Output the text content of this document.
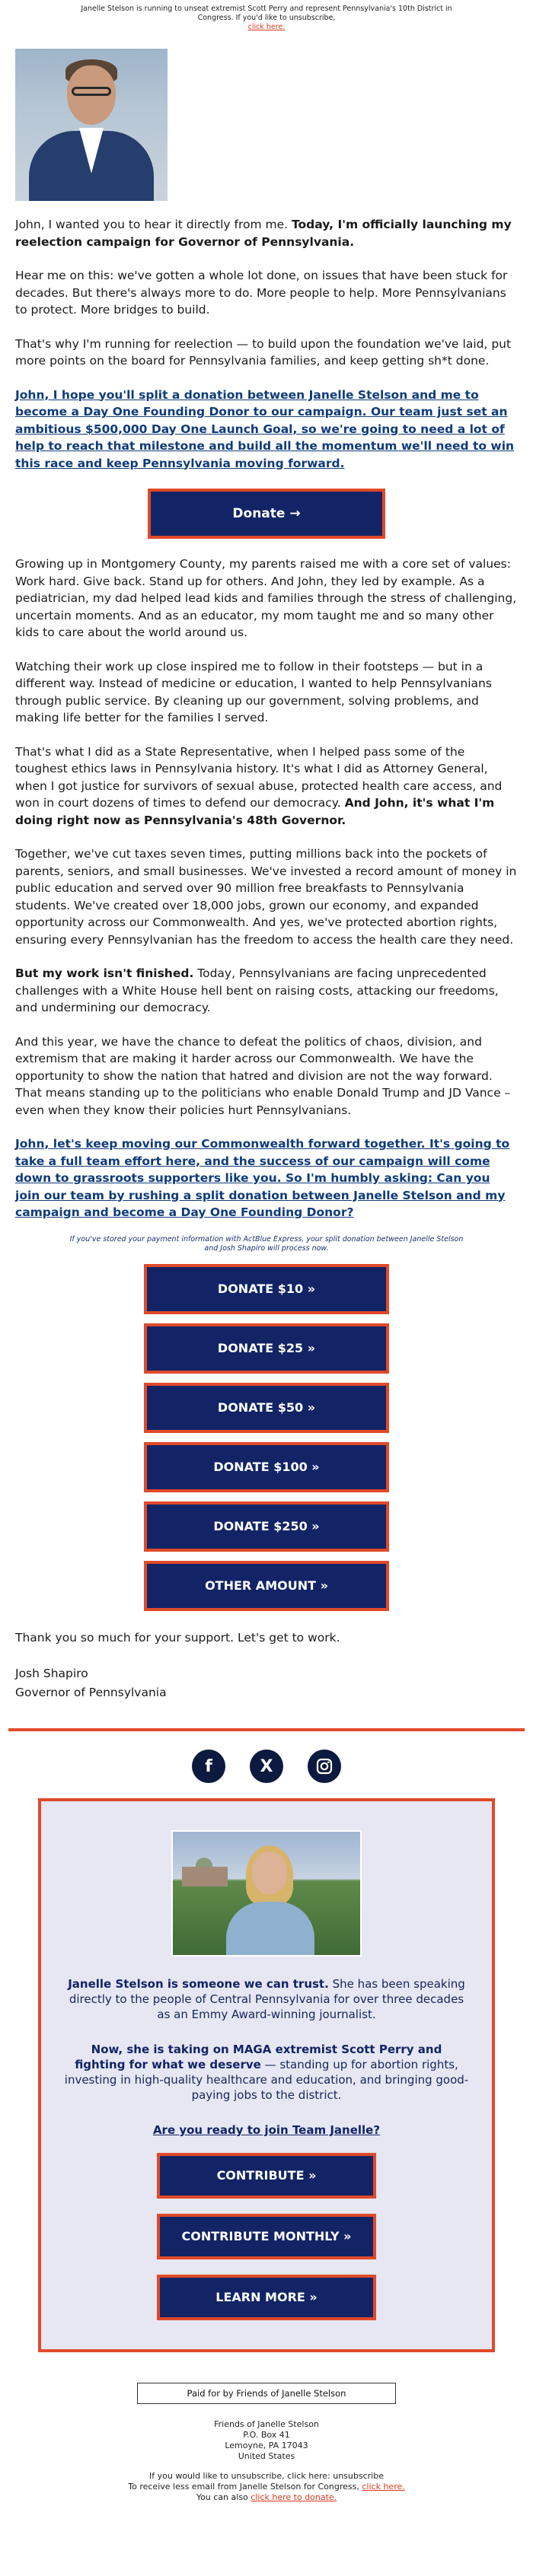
Janelle Stelson is running to unseat extremist Scott Perry and represent Pennsylvania's 10th District in Congress. If you'd like to unsubscribe,
click here.

John, I wanted you to hear it directly from me. Today, I'm officially launching my reelection campaign for Governor of Pennsylvania.

Hear me on this: we've gotten a whole lot done, on issues that have been stuck for decades. But there's always more to do. More people to help. More Pennsylvanians to protect. More bridges to build.

That's why I'm running for reelection — to build upon the foundation we've laid, put more points on the board for Pennsylvania families, and keep getting sh*t done.

John, I hope you'll split a donation between Janelle Stelson and me to become a Day One Founding Donor to our campaign. Our team just set an ambitious $500,000 Day One Launch Goal, so we're going to need a lot of help to reach that milestone and build all the momentum we'll need to win this race and keep Pennsylvania moving forward.

Donate →

Growing up in Montgomery County, my parents raised me with a core set of values: Work hard. Give back. Stand up for others. And John, they led by example. As a pediatrician, my dad helped lead kids and families through the stress of challenging, uncertain moments. And as an educator, my mom taught me and so many other kids to care about the world around us.

Watching their work up close inspired me to follow in their footsteps — but in a different way. Instead of medicine or education, I wanted to help Pennsylvanians through public service. By cleaning up our government, solving problems, and making life better for the families I served.

That's what I did as a State Representative, when I helped pass some of the toughest ethics laws in Pennsylvania history. It's what I did as Attorney General, when I got justice for survivors of sexual abuse, protected health care access, and won in court dozens of times to defend our democracy. And John, it's what I'm doing right now as Pennsylvania's 48th Governor.

Together, we've cut taxes seven times, putting millions back into the pockets of parents, seniors, and small businesses. We've invested a record amount of money in public education and served over 90 million free breakfasts to Pennsylvania students. We've created over 18,000 jobs, grown our economy, and expanded opportunity across our Commonwealth. And yes, we've protected abortion rights, ensuring every Pennsylvanian has the freedom to access the health care they need.

But my work isn't finished. Today, Pennsylvanians are facing unprecedented challenges with a White House hell bent on raising costs, attacking our freedoms, and undermining our democracy.

And this year, we have the chance to defeat the politics of chaos, division, and extremism that are making it harder across our Commonwealth. We have the opportunity to show the nation that hatred and division are not the way forward. That means standing up to the politicians who enable Donald Trump and JD Vance – even when they know their policies hurt Pennsylvanians.

John, let's keep moving our Commonwealth forward together. It's going to take a full team effort here, and the success of our campaign will come down to grassroots supporters like you. So I'm humbly asking: Can you join our team by rushing a split donation between Janelle Stelson and my campaign and become a Day One Founding Donor?

If you've stored your payment information with ActBlue Express, your split donation between Janelle Stelson and Josh Shapiro will process now.
DONATE $10 »
DONATE $25 »
DONATE $50 »
DONATE $100 »
DONATE $250 »
OTHER AMOUNT »

Thank you so much for your support. Let's get to work.

Josh Shapiro
Governor of Pennsylvania

f	X

Janelle Stelson is someone we can trust. She has been speaking directly to the people of Central Pennsylvania for over three decades as an Emmy Award-winning journalist.

Now, she is taking on MAGA extremist Scott Perry and fighting for what we deserve — standing up for abortion rights, investing in high-quality healthcare and education, and bringing good-paying jobs to the district.

Are you ready to join Team Janelle?

CONTRIBUTE »
CONTRIBUTE MONTHLY »
LEARN MORE »
Paid for by Friends of Janelle Stelson
Friends of Janelle Stelson
P.O. Box 41
Lemoyne, PA 17043
United States
If you would like to unsubscribe, click here: unsubscribe
To receive less email from Janelle Stelson for Congress, click here.
You can also click here to donate.
